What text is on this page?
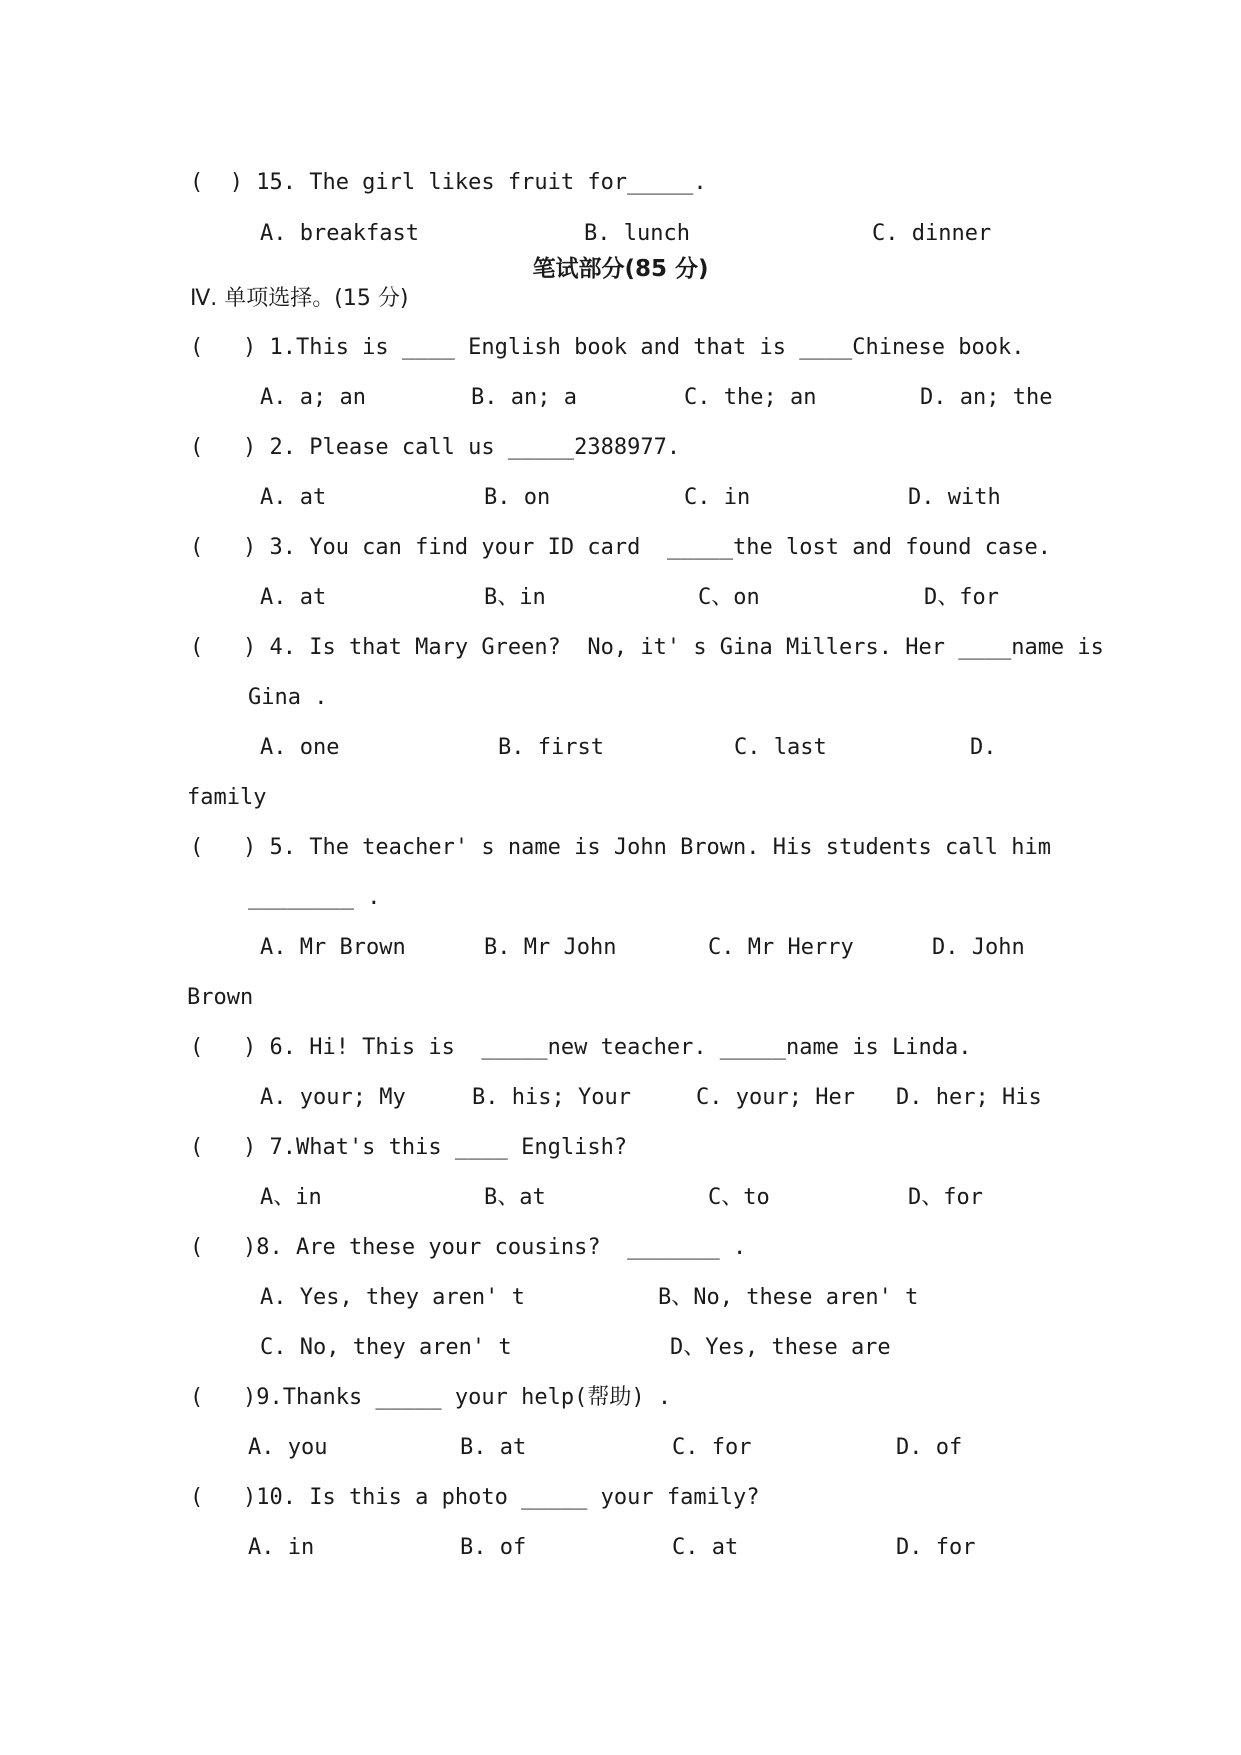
(  ) 15. The girl likes fruit for_____.
A. breakfast	B. lunch	C. dinner
笔试部分(85 分)
Ⅳ. 单项选择。(15 分)
(   ) 1.This is ____ English book and that is ____Chinese book.
A. a; an	B. an; a	C. the; an	D. an; the
(   ) 2. Please call us _____2388977.
A. at	B. on	C. in	D. with
(   ) 3. You can find your ID card  _____the lost and found case.
A. at	B、in	C、on	D、for
(   ) 4. Is that Mary Green?  No, it' s Gina Millers. Her ____name is
Gina .
A. one	B. first	C. last	D.
family
(   ) 5. The teacher' s name is John Brown. His students call him
________ .
A. Mr Brown	B. Mr John	C. Mr Herry	D. John
Brown
(   ) 6. Hi! This is  _____new teacher. _____name is Linda.
A. your; My	B. his; Your	C. your; Her D. her; His
(   ) 7.What's this ____ English?
A、in	B、at	C、to	D、for
(   )8. Are these your cousins?  _______ .
A. Yes, they aren' t	B、No, these aren' t
C. No, they aren' t	D、Yes, these are
(   )9.Thanks _____ your help(帮助) .
A. you	B. at	C. for	D. of
(   )10. Is this a photo _____ your family?
A. in	B. of	C. at	D. for
